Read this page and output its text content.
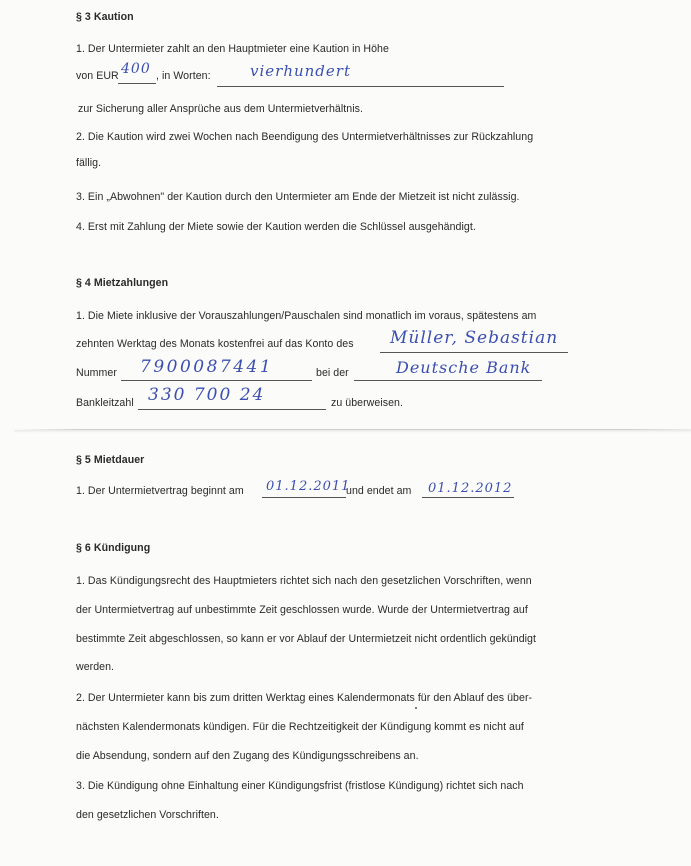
§ 3 Kaution
1. Der Untermieter zahlt an den Hauptmieter eine Kaution in Höhe
von EUR 400 , in Worten:	vierhundert
zur Sicherung aller Ansprüche aus dem Untermietverhältnis.
2. Die Kaution wird zwei Wochen nach Beendigung des Untermietverhältnisses zur Rückzahlung
fällig.
3. Ein „Abwohnen" der Kaution durch den Untermieter am Ende der Mietzeit ist nicht zulässig.
4. Erst mit Zahlung der Miete sowie der Kaution werden die Schlüssel ausgehändigt.
§ 4 Mietzahlungen
1. Die Miete inklusive der Vorauszahlungen/Pauschalen sind monatlich im voraus, spätestens am
zehnten Werktag des Monats kostenfrei auf das Konto des Müller, Sebastian
Nummer 7900087441	bei der	Deutsche Bank
Bankleitzahl 330 700 24	zu überweisen.
§ 5 Mietdauer
1. Der Untermietvertrag beginnt am 01.12.2011
und endet am 01.12.2012
§ 6 Kündigung
1. Das Kündigungsrecht des Hauptmieters richtet sich nach den gesetzlichen Vorschriften, wenn
der Untermietvertrag auf unbestimmte Zeit geschlossen wurde. Wurde der Untermietvertrag auf
bestimmte Zeit abgeschlossen, so kann er vor Ablauf der Untermietzeit nicht ordentlich gekündigt
werden.
2. Der Untermieter kann bis zum dritten Werktag eines Kalendermonats für den Ablauf des über-
nächsten Kalendermonats kündigen. Für die Rechtzeitigkeit der Kündigung kommt es nicht auf
die Absendung, sondern auf den Zugang des Kündigungsschreibens an.
3. Die Kündigung ohne Einhaltung einer Kündigungsfrist (fristlose Kündigung) richtet sich nach
den gesetzlichen Vorschriften.
